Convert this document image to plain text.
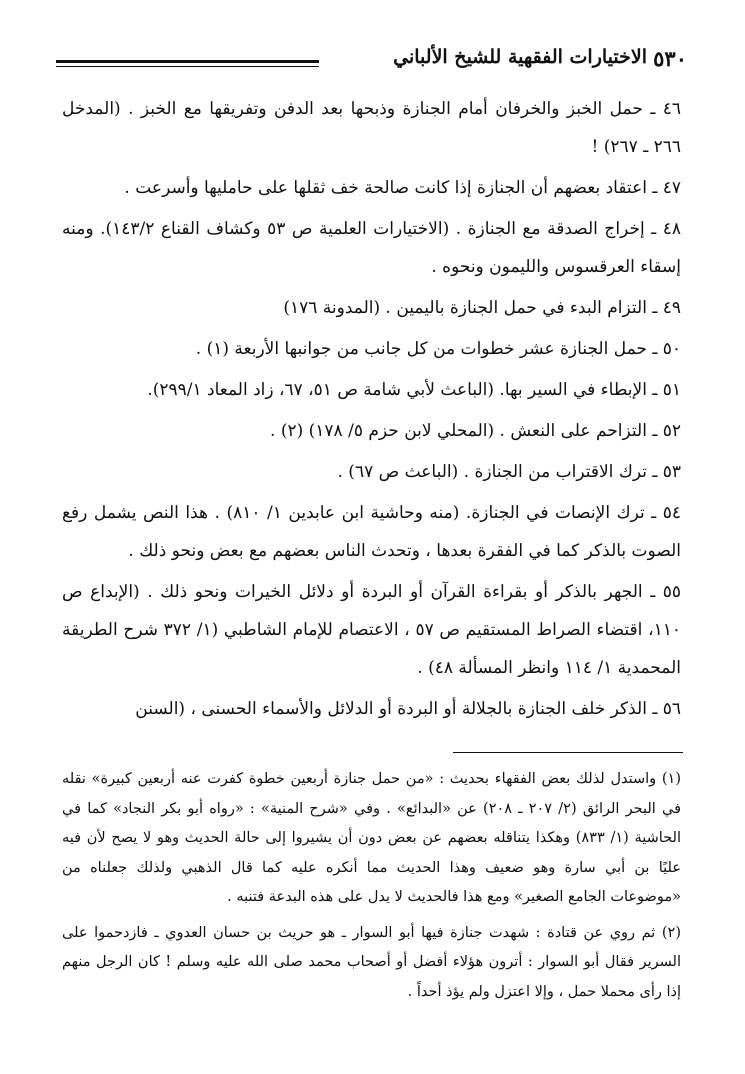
٥٣٠
الاختيارات الفقهية للشيخ الألباني

٤٦ ـ حمل الخبز والخرفان أمام الجنازة وذبحها بعد الدفن وتفريقها مع الخبز . (المدخل ٢٦٦ ـ ٢٦٧) !

٤٧ ـ اعتقاد بعضهم أن الجنازة إذا كانت صالحة خف ثقلها على حامليها وأسرعت .

٤٨ ـ إخراج الصدقة مع الجنازة . (الاختيارات العلمية ص ٥٣ وكشاف القناع ١٤٣/٢). ومنه إسقاء العرقسوس والليمون ونحوه .

٤٩ ـ التزام البدء في حمل الجنازة باليمين . (المدونة ١٧٦)

٥٠ ـ حمل الجنازة عشر خطوات من كل جانب من جوانبها الأربعة (١) .

٥١ ـ الإبطاء في السير بها. (الباعث لأبي شامة ص ٥١، ٦٧، زاد المعاد ٢٩٩/١).

٥٢ ـ التزاحم على النعش . (المحلي لابن حزم ٥/ ١٧٨) (٢) .

٥٣ ـ ترك الاقتراب من الجنازة . (الباعث ص ٦٧) .

٥٤ ـ ترك الإنصات في الجنازة. (منه وحاشية ابن عابدين ١/ ٨١٠) . هذا النص يشمل رفع الصوت بالذكر كما في الفقرة بعدها ، وتحدث الناس بعضهم مع بعض ونحو ذلك .

٥٥ ـ الجهر بالذكر أو بقراءة القرآن أو البردة أو دلائل الخيرات ونحو ذلك . (الإبداع ص ١١٠، اقتضاء الصراط المستقيم ص ٥٧ ، الاعتصام للإمام الشاطبي (١/ ٣٧٢ شرح الطريقة المحمدية ١/ ١١٤ وانظر المسألة ٤٨) .

٥٦ ـ الذكر خلف الجنازة بالجلالة أو البردة أو الدلائل والأسماء الحسنى ، (السنن

(١) واستدل لذلك بعض الفقهاء بحديث : «من حمل جنازة أربعين خطوة كفرت عنه أربعين كبيرة» نقله في البحر الرائق (٢/ ٢٠٧ ـ ٢٠٨) عن «البدائع» . وفي «شرح المنية» : «رواه أبو بكر النجاد» كما في الحاشية (١/ ٨٣٣) وهكذا يتناقله بعضهم عن بعض دون أن يشيروا إلى حالة الحديث وهو لا يصح لأن فيه عليًا بن أبي سارة وهو ضعيف وهذا الحديث مما أنكره عليه كما قال الذهبي ولذلك جعلناه من «موضوعات الجامع الصغير» ومع هذا فالحديث لا يدل على هذه البدعة فتنبه .

(٢) ثم روي عن قتادة : شهدت جنازة فيها أبو السوار ـ هو حريث بن حسان العدوي ـ فازدحموا على السرير فقال أبو السوار : أترون هؤلاء أفضل أو أصحاب محمد صلى الله عليه وسلم ! كان الرجل منهم إذا رأى محملا حمل ، وإلا اعتزل ولم يؤذ أحداً .
